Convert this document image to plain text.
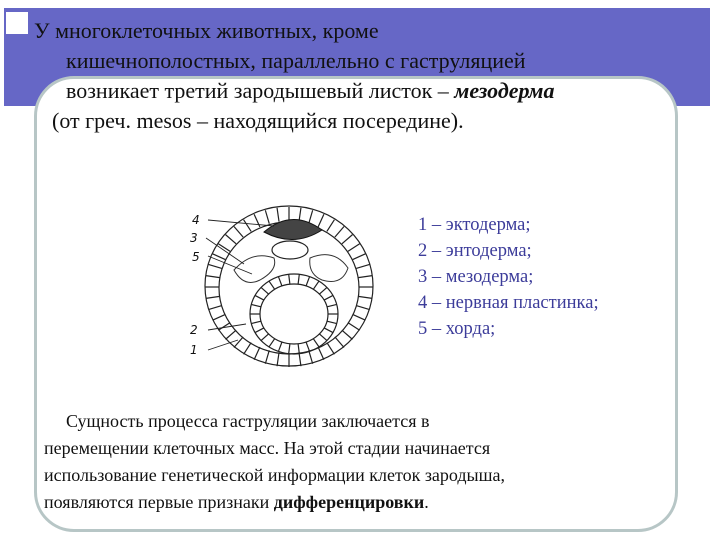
У многоклеточных животных, кроме
кишечнополостных, параллельно с гаструляцией
возникает третий зародышевый листок – мезодерма
(от греч. mesos – находящийся посередине).
4
3
5
2
1
1 – эктодерма;
2 – энтодерма;
3 – мезодерма;
4 – нервная пластинка;
5 – хорда;
Сущность процесса гаструляции заключается в
перемещении клеточных масс. На этой стадии начинается
использование генетической информации клеток зародыша,
появляются первые признаки дифференцировки.
